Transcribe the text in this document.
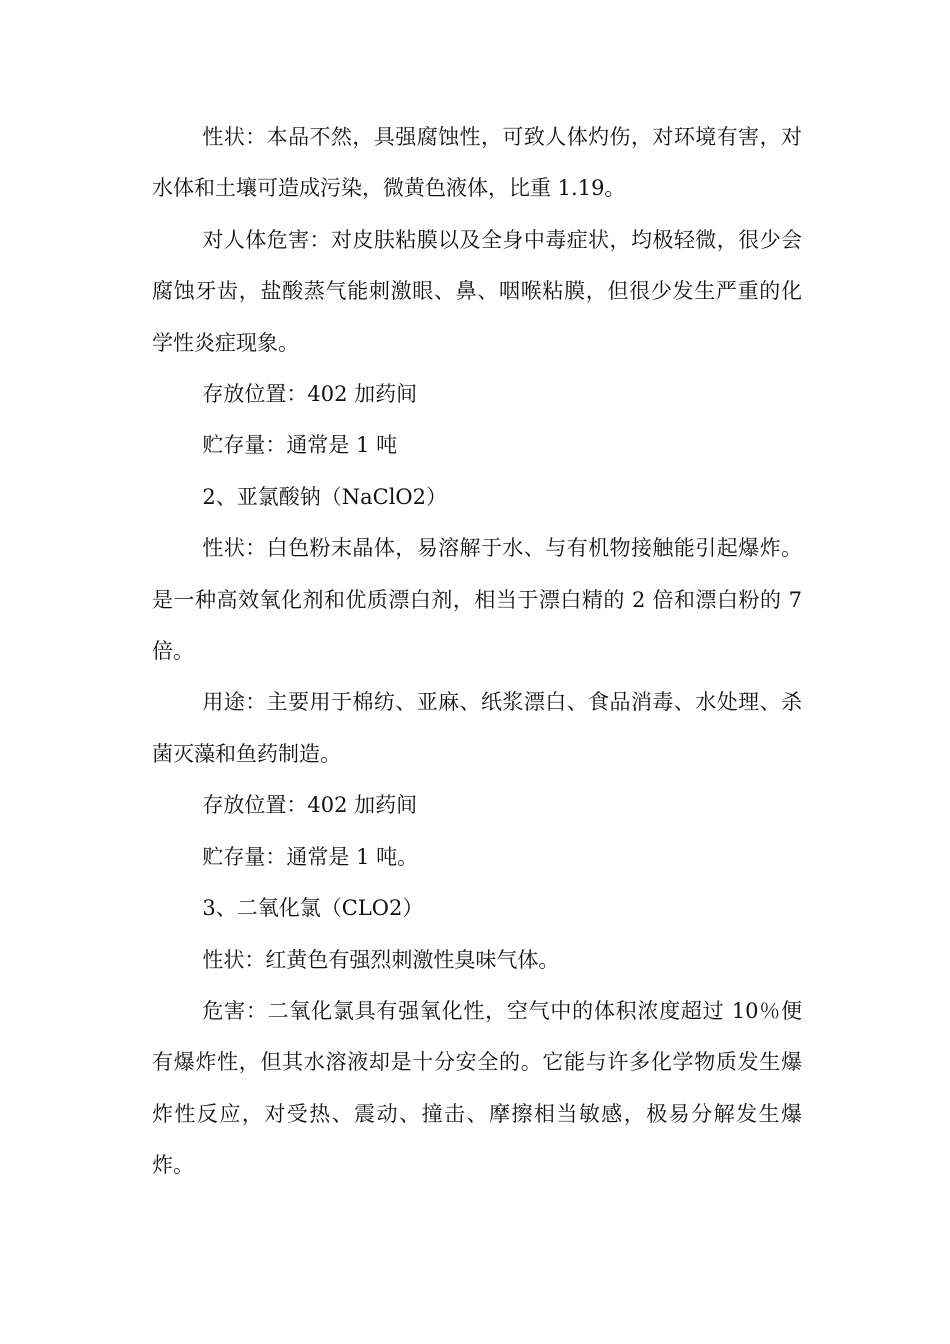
性状：本品不然，具强腐蚀性，可致人体灼伤，对环境有害，对水体和土壤可造成污染，微黄色液体，比重 1.19。

对人体危害：对皮肤粘膜以及全身中毒症状，均极轻微，很少会腐蚀牙齿，盐酸蒸气能刺激眼、鼻、咽喉粘膜，但很少发生严重的化学性炎症现象。

存放位置：402 加药间

贮存量：通常是 1 吨

2、亚氯酸钠（NaClO2）

性状：白色粉末晶体，易溶解于水、与有机物接触能引起爆炸。是一种高效氧化剂和优质漂白剂，相当于漂白精的 2 倍和漂白粉的 7 倍。

用途：主要用于棉纺、亚麻、纸浆漂白、食品消毒、水处理、杀菌灭藻和鱼药制造。

存放位置：402 加药间

贮存量：通常是 1 吨。

3、二氧化氯（CLO2）

性状：红黄色有强烈刺激性臭味气体。

危害：二氧化氯具有强氧化性，空气中的体积浓度超过 10％便有爆炸性，但其水溶液却是十分安全的。它能与许多化学物质发生爆炸性反应，对受热、震动、撞击、摩擦相当敏感，极易分解发生爆炸。
